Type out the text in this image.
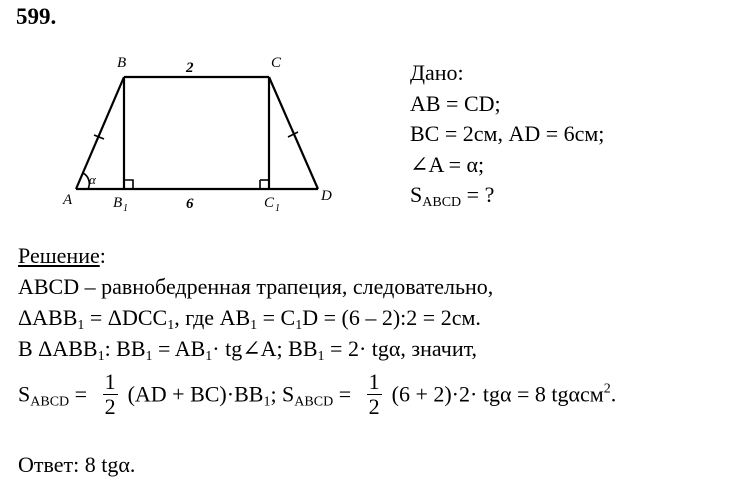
599.
B	C
A	D
B 1	C 1
2
6
α
Дано:
AB = CD;
BC = 2см, AD = 6см;
∠A = α;
$S_{ABCD}$ = ?
Решение:
ABCD – равнобедренная трапеция, следовательно,
$\Delta ABB_1 = \Delta DCC_1$, где $AB_1 = C_1D = (6$ – 2):2 = 2см.
В $\Delta ABB_1$: $BB_1 = AB_1\cdot$ tg∠A; $BB_1 = 2\cdot tg\alpha$, значит,
$S_{ABCD} = \frac{1}{2} (AD + BC)\cdot BB_1$; $S_{ABCD} = \frac{1}{2} (6 + 2)\cdot 2\cdot tg\alpha = 8$ tgαсм$^2$.
Ответ: 8 tgα.
